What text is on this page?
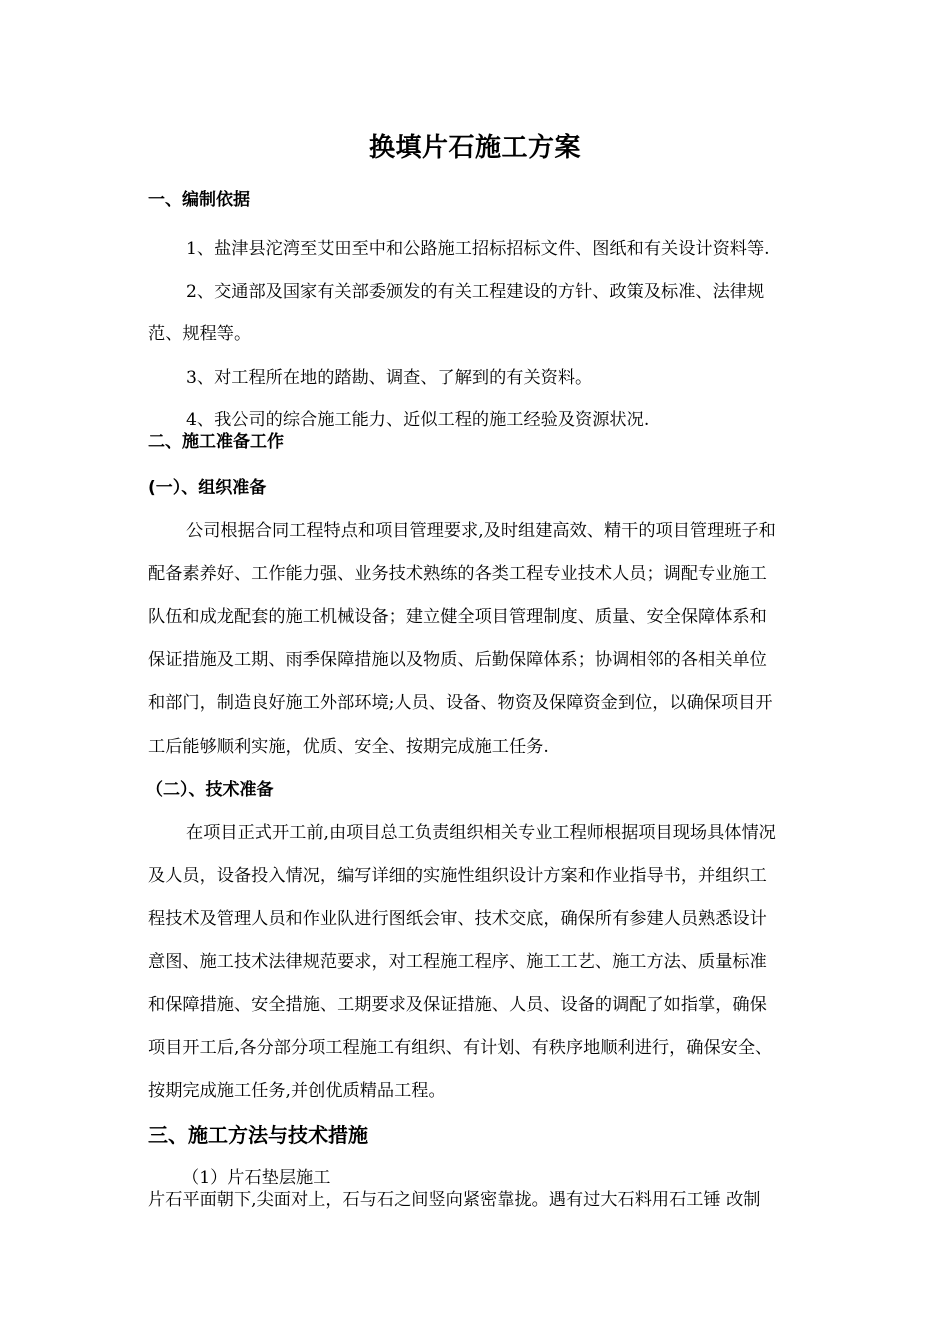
换填片石施工方案
一、编制依据
1、盐津县沱湾至艾田至中和公路施工招标招标文件、图纸和有关设计资料等.
2、交通部及国家有关部委颁发的有关工程建设的方针、政策及标准、法律规
范、规程等。
3、对工程所在地的踏勘、调查、了解到的有关资料。
4、我公司的综合施工能力、近似工程的施工经验及资源状况.
二、施工准备工作
(一）、组织准备
公司根据合同工程特点和项目管理要求,及时组建高效、精干的项目管理班子和
配备素养好、工作能力强、业务技术熟练的各类工程专业技术人员；调配专业施工
队伍和成龙配套的施工机械设备；建立健全项目管理制度、质量、安全保障体系和
保证措施及工期、雨季保障措施以及物质、后勤保障体系；协调相邻的各相关单位
和部门，制造良好施工外部环境;人员、设备、物资及保障资金到位，以确保项目开
工后能够顺利实施，优质、安全、按期完成施工任务.
（二）、技术准备
在项目正式开工前,由项目总工负责组织相关专业工程师根据项目现场具体情况
及人员，设备投入情况，编写详细的实施性组织设计方案和作业指导书，并组织工
程技术及管理人员和作业队进行图纸会审、技术交底，确保所有参建人员熟悉设计
意图、施工技术法律规范要求，对工程施工程序、施工工艺、施工方法、质量标准
和保障措施、安全措施、工期要求及保证措施、人员、设备的调配了如指掌，确保
项目开工后,各分部分项工程施工有组织、有计划、有秩序地顺利进行，确保安全、
按期完成施工任务,并创优质精品工程。
三、施工方法与技术措施
（1）片石垫层施工
片石平面朝下,尖面对上，石与石之间竖向紧密靠拢。遇有过大石料用石工锤 改制
